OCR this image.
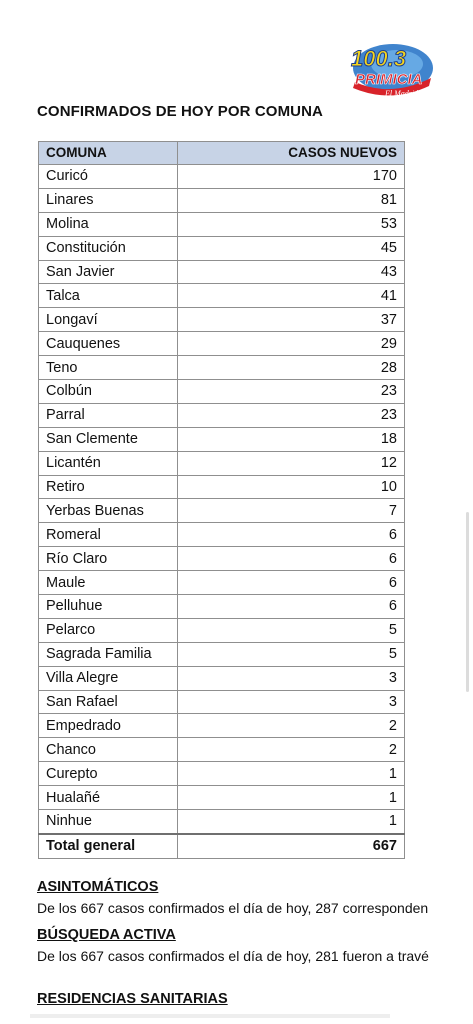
100.3
PRIMICIA
El Madrid
CONFIRMADOS DE HOY POR COMUNA
COMUNA	CASOS NUEVOS
Curicó	170
Linares	81
Molina	53
Constitución	45
San Javier	43
Talca	41
Longaví	37
Cauquenes	29
Teno	28
Colbún	23
Parral	23
San Clemente	18
Licantén	12
Retiro	10
Yerbas Buenas	7
Romeral	6
Río Claro	6
Maule	6
Pelluhue	6
Pelarco	5
Sagrada Familia	5
Villa Alegre	3
San Rafael	3
Empedrado	2
Chanco	2
Curepto	1
Hualañé	1
Ninhue	1
Total general	667

ASINTOMÁTICOS

De los 667 casos confirmados el día de hoy, 287 corresponden

BÚSQUEDA ACTIVA

De los 667 casos confirmados el día de hoy, 281 fueron a travé

RESIDENCIAS SANITARIAS
